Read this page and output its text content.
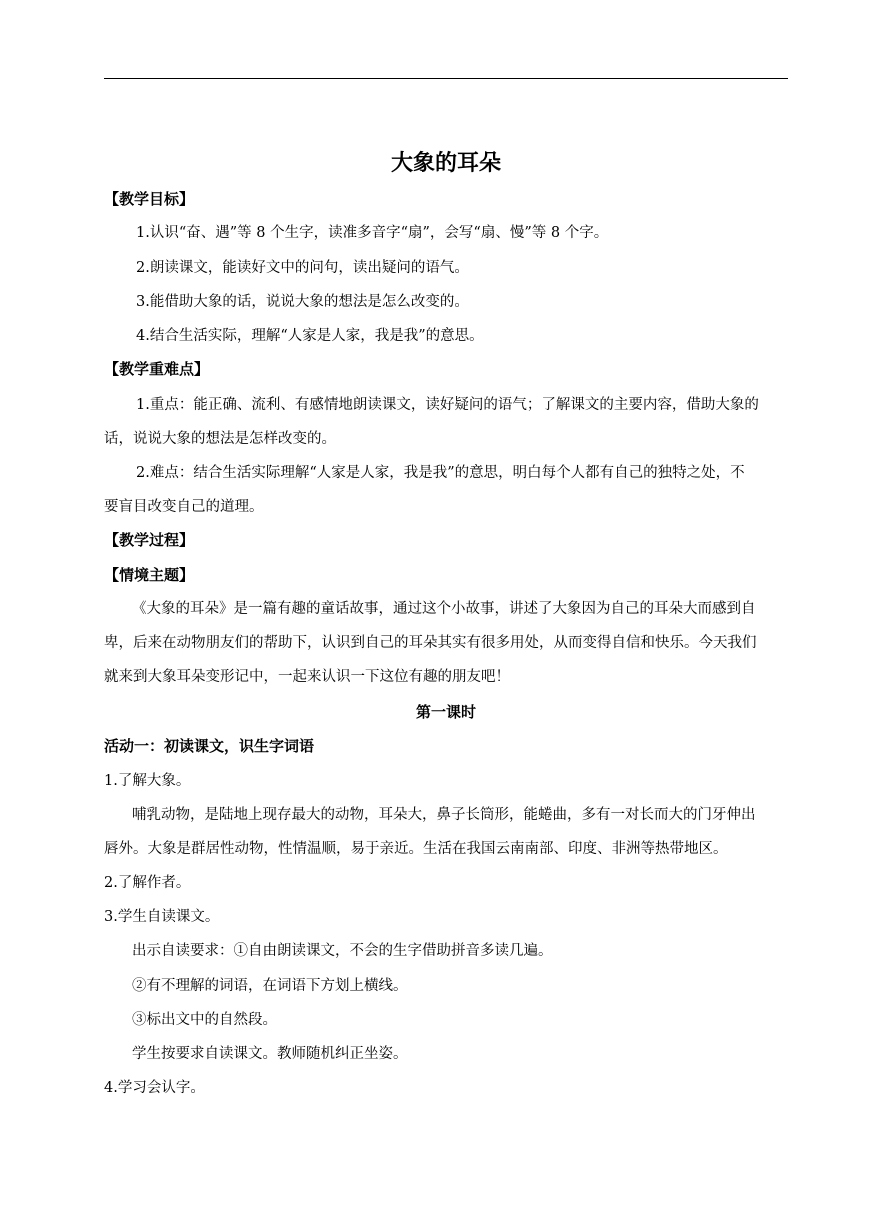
大象的耳朵
【教学目标】
1.认识“奋、遇”等 8 个生字，读准多音字“扇”，会写“扇、慢”等 8 个字。
2.朗读课文，能读好文中的问句，读出疑问的语气。
3.能借助大象的话，说说大象的想法是怎么改变的。
4.结合生活实际，理解“人家是人家，我是我”的意思。
【教学重难点】
1.重点：能正确、流利、有感情地朗读课文，读好疑问的语气；了解课文的主要内容，借助大象的
话，说说大象的想法是怎样改变的。
2.难点：结合生活实际理解“人家是人家，我是我”的意思，明白每个人都有自己的独特之处，不
要盲目改变自己的道理。
【教学过程】
【情境主题】
《大象的耳朵》是一篇有趣的童话故事，通过这个小故事，讲述了大象因为自己的耳朵大而感到自
卑，后来在动物朋友们的帮助下，认识到自己的耳朵其实有很多用处，从而变得自信和快乐。今天我们
就来到大象耳朵变形记中，一起来认识一下这位有趣的朋友吧！
第一课时
活动一：初读课文，识生字词语
1.了解大象。
哺乳动物，是陆地上现存最大的动物，耳朵大，鼻子长筒形，能蜷曲，多有一对长而大的门牙伸出
唇外。大象是群居性动物，性情温顺，易于亲近。生活在我国云南南部、印度、非洲等热带地区。
2.了解作者。
3.学生自读课文。
出示自读要求：①自由朗读课文，不会的生字借助拼音多读几遍。
②有不理解的词语，在词语下方划上横线。
③标出文中的自然段。
学生按要求自读课文。教师随机纠正坐姿。
4.学习会认字。
